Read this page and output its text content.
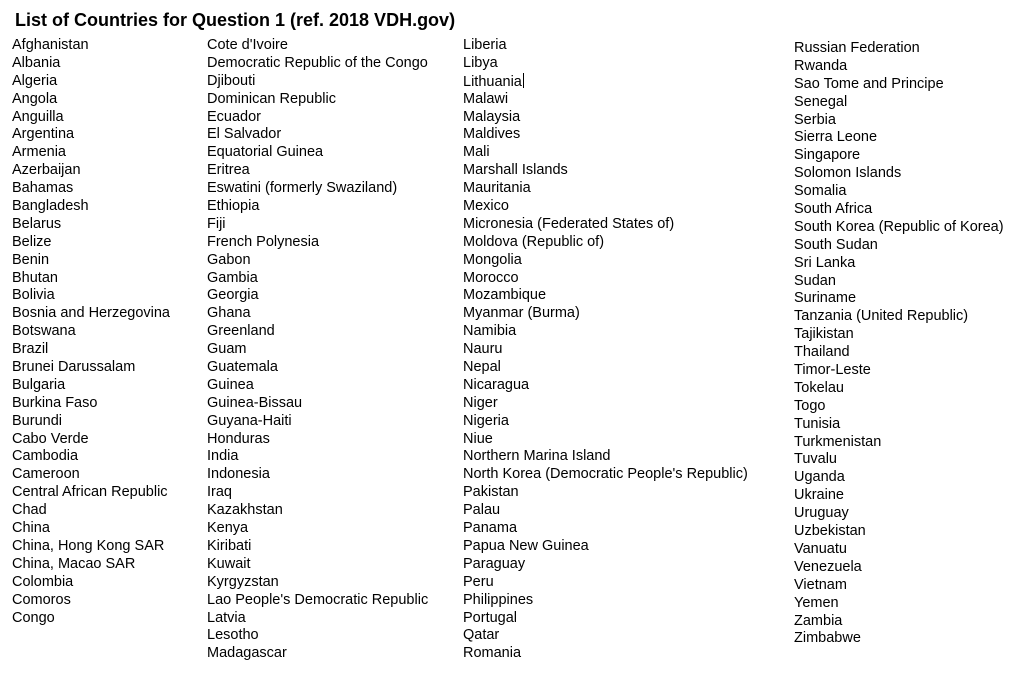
List of Countries for Question 1 (ref. 2018 VDH.gov)
Afghanistan
Albania
Algeria
Angola
Anguilla
Argentina
Armenia
Azerbaijan
Bahamas
Bangladesh
Belarus
Belize
Benin
Bhutan
Bolivia
Bosnia and Herzegovina
Botswana
Brazil
Brunei Darussalam
Bulgaria
Burkina Faso
Burundi
Cabo Verde
Cambodia
Cameroon
Central African Republic
Chad
China
China, Hong Kong SAR
China, Macao SAR
Colombia
Comoros
Congo
Cote d'Ivoire
Democratic Republic of the Congo
Djibouti
Dominican Republic
Ecuador
El Salvador
Equatorial Guinea
Eritrea
Eswatini (formerly Swaziland)
Ethiopia
Fiji
French Polynesia
Gabon
Gambia
Georgia
Ghana
Greenland
Guam
Guatemala
Guinea
Guinea-Bissau
Guyana-Haiti
Honduras
India
Indonesia
Iraq
Kazakhstan
Kenya
Kiribati
Kuwait
Kyrgyzstan
Lao People's Democratic Republic
Latvia
Lesotho
Madagascar
Liberia
Libya
Lithuania
Malawi
Malaysia
Maldives
Mali
Marshall Islands
Mauritania
Mexico
Micronesia (Federated States of)
Moldova (Republic of)
Mongolia
Morocco
Mozambique
Myanmar (Burma)
Namibia
Nauru
Nepal
Nicaragua
Niger
Nigeria
Niue
Northern Marina Island
North Korea (Democratic People's Republic)
Pakistan
Palau
Panama
Papua New Guinea
Paraguay
Peru
Philippines
Portugal
Qatar
Romania
Russian Federation
Rwanda
Sao Tome and Principe
Senegal
Serbia
Sierra Leone
Singapore
Solomon Islands
Somalia
South Africa
South Korea (Republic of Korea)
South Sudan
Sri Lanka
Sudan
Suriname
Tanzania (United Republic)
Tajikistan
Thailand
Timor-Leste
Tokelau
Togo
Tunisia
Turkmenistan
Tuvalu
Uganda
Ukraine
Uruguay
Uzbekistan
Vanuatu
Venezuela
Vietnam
Yemen
Zambia
Zimbabwe
